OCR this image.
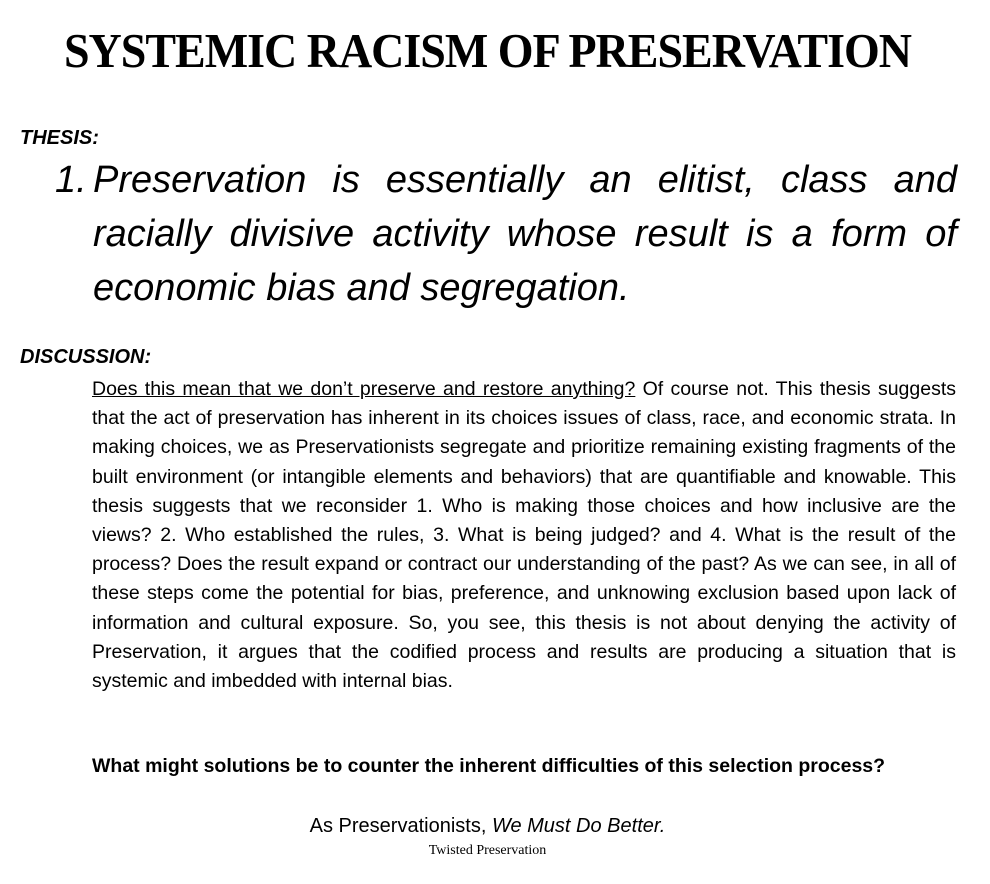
SYSTEMIC RACISM OF PRESERVATION
THESIS:
1. Preservation is essentially an elitist, class and racially divisive activity whose result is a form of economic bias and segregation.
DISCUSSION:
Does this mean that we don’t preserve and restore anything? Of course not. This thesis suggests that the act of preservation has inherent in its choices issues of class, race, and economic strata. In making choices, we as Preservationists segregate and prioritize remaining existing fragments of the built environment (or intangible elements and behaviors) that are quantifiable and knowable. This thesis suggests that we reconsider 1. Who is making those choices and how inclusive are the views? 2. Who established the rules, 3. What is being judged? and 4. What is the result of the process? Does the result expand or contract our understanding of the past? As we can see, in all of these steps come the potential for bias, preference, and unknowing exclusion based upon lack of information and cultural exposure. So, you see, this thesis is not about denying the activity of Preservation, it argues that the codified process and results are producing a situation that is systemic and imbedded with internal bias.
What might solutions be to counter the inherent difficulties of this selection process?
As Preservationists, We Must Do Better.
Twisted Preservation
